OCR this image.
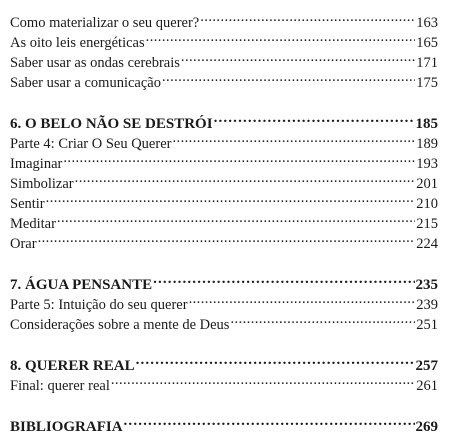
Como materializar o seu querer? . . .	163
As oito leis energéticas . . .	165
Saber usar as ondas cerebrais . . .	171
Saber usar a comunicação . . .	175
6. O BELO NÃO SE DESTRÓI . . .	185
Parte 4: Criar O Seu Querer . . .	189
Imaginar . . .	193
Simbolizar . . .	201
Sentir . . .	210
Meditar . . .	215
Orar . . .	224
7. ÁGUA PENSANTE . . .	235
Parte 5: Intuição do seu querer . . .	239
Considerações sobre a mente de Deus . . .	251
8. QUERER REAL . . .	257
Final: querer real . . .	261
BIBLIOGRAFIA . . .	269
